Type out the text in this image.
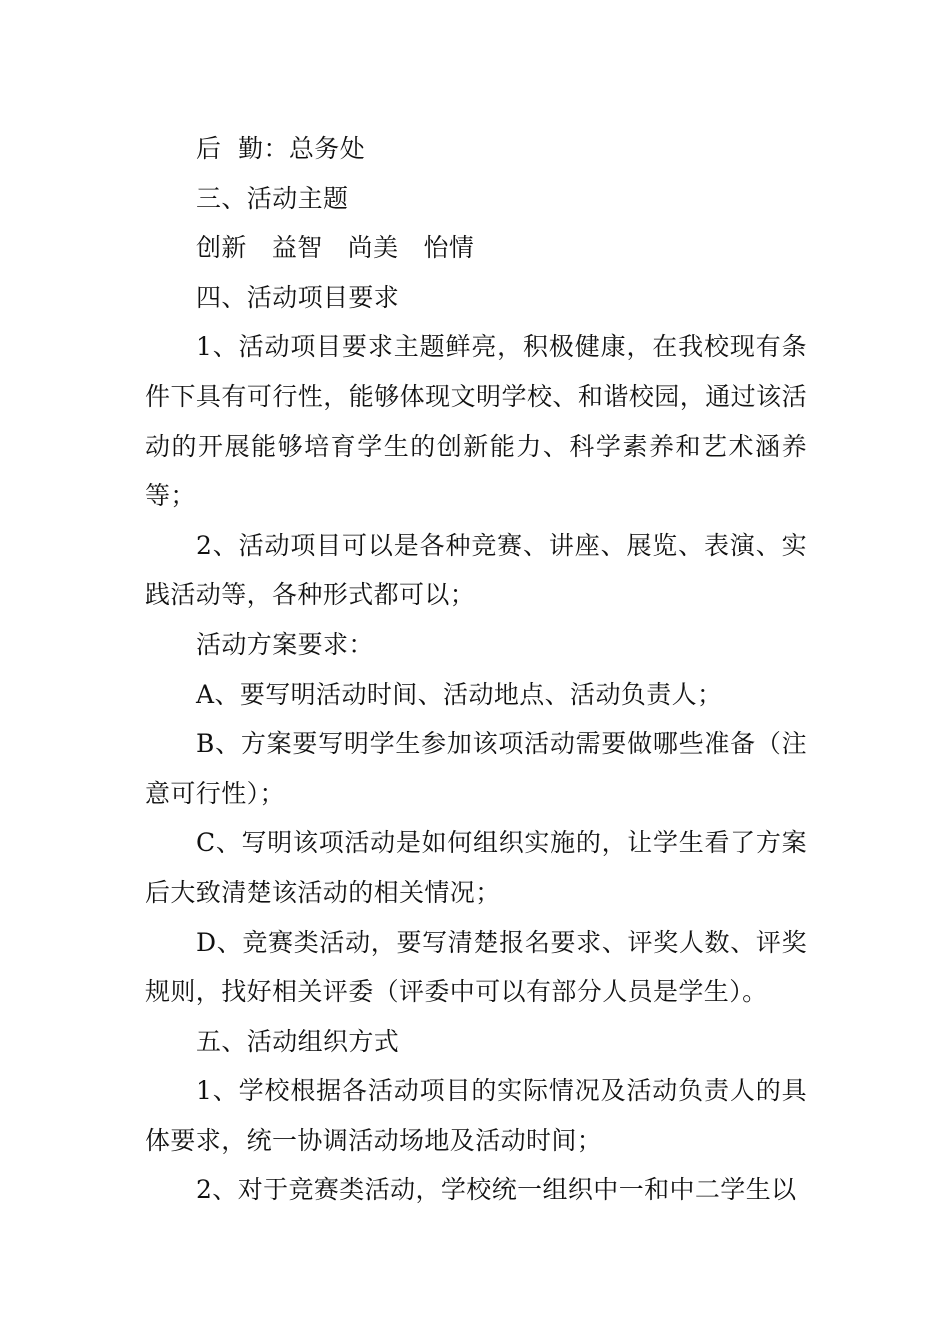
后  勤：总务处

三、活动主题

创新   益智   尚美   怡情

四、活动项目要求

1、活动项目要求主题鲜亮，积极健康，在我校现有条件下具有可行性，能够体现文明学校、和谐校园，通过该活动的开展能够培育学生的创新能力、科学素养和艺术涵养等；

2、活动项目可以是各种竞赛、讲座、展览、表演、实践活动等，各种形式都可以；

活动方案要求：

A、要写明活动时间、活动地点、活动负责人；

B、方案要写明学生参加该项活动需要做哪些准备（注意可行性）；

C、写明该项活动是如何组织实施的，让学生看了方案后大致清楚该活动的相关情况；

D、竞赛类活动，要写清楚报名要求、评奖人数、评奖规则，找好相关评委（评委中可以有部分人员是学生）。

五、活动组织方式

1、学校根据各活动项目的实际情况及活动负责人的具体要求，统一协调活动场地及活动时间；

2、对于竞赛类活动，学校统一组织中一和中二学生以
